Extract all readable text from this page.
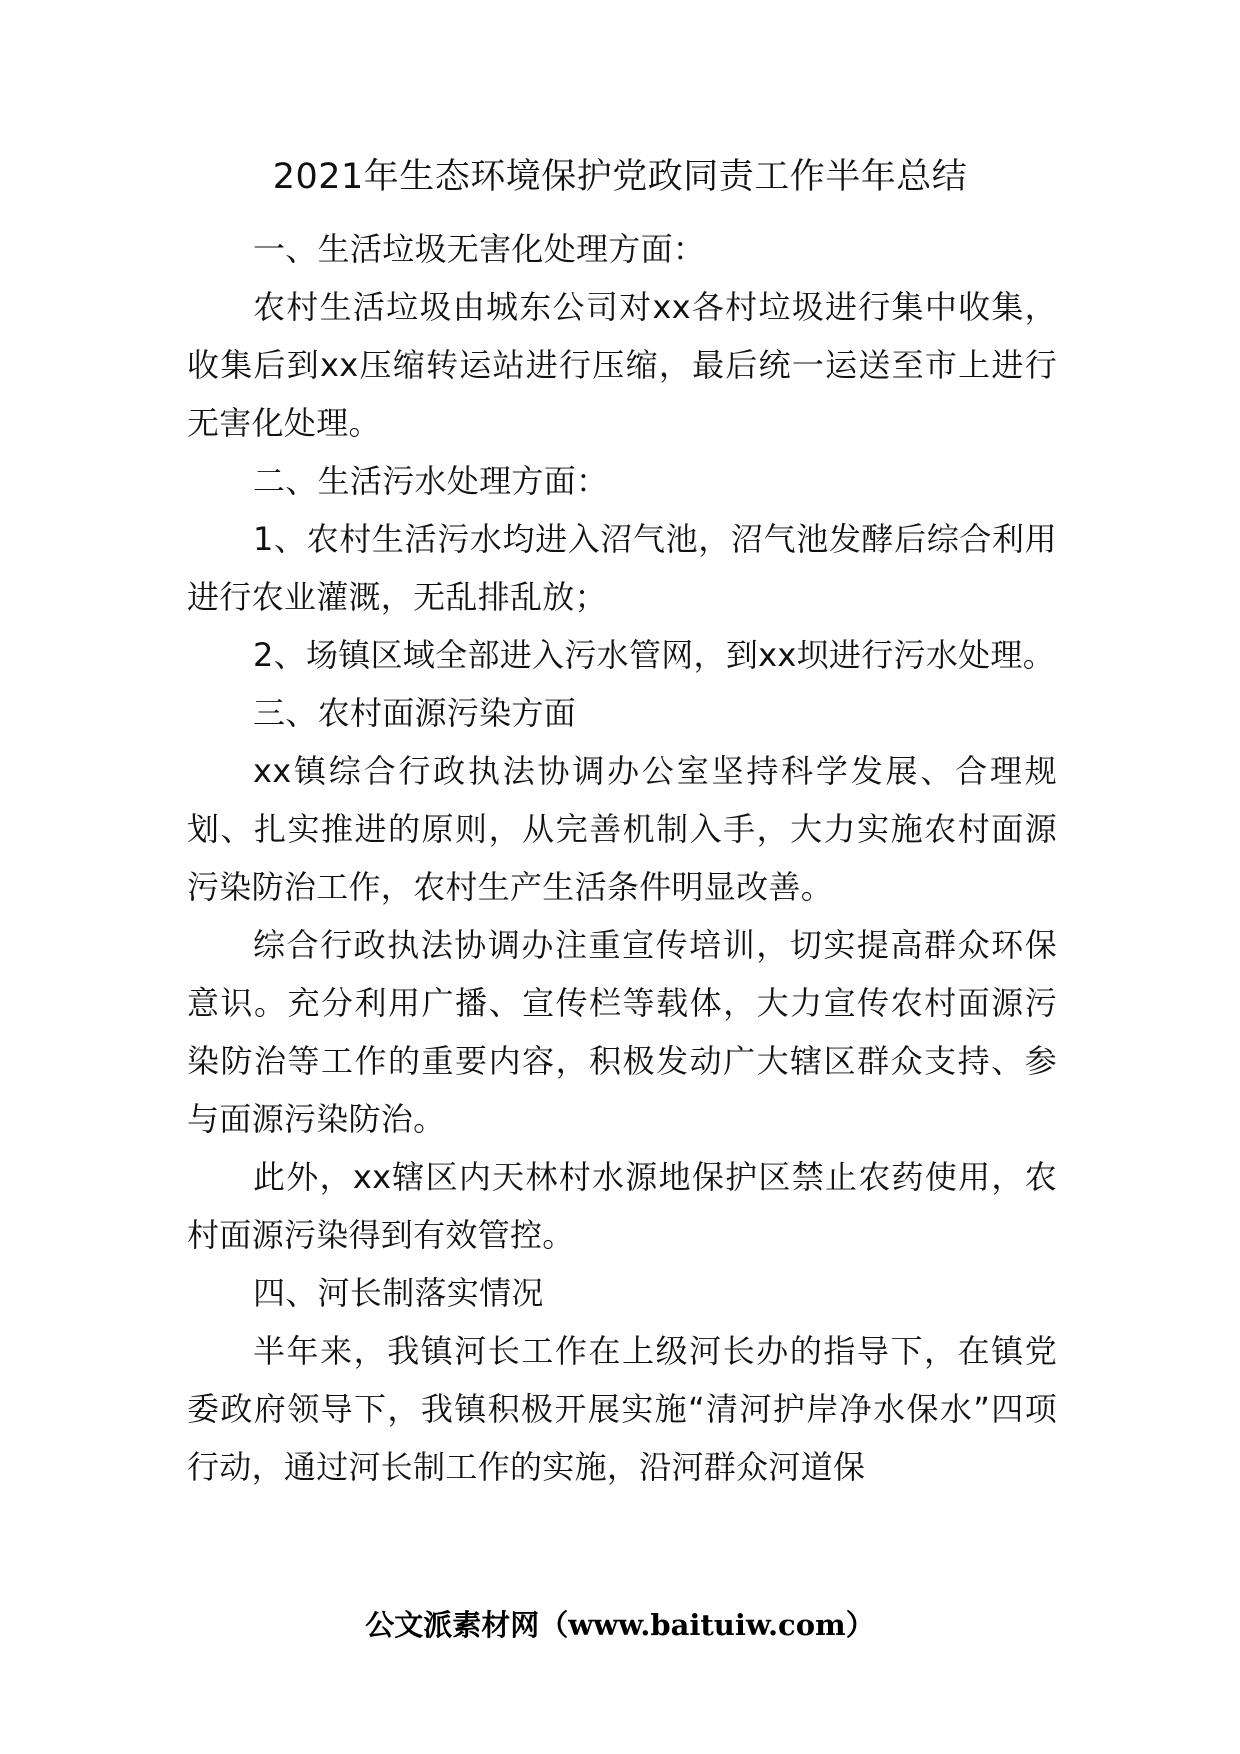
2021年生态环境保护党政同责工作半年总结

一、生活垃圾无害化处理方面：

农村生活垃圾由城东公司对xx各村垃圾进行集中收集，收集后到xx压缩转运站进行压缩，最后统一运送至市上进行无害化处理。

二、生活污水处理方面：

1、农村生活污水均进入沼气池，沼气池发酵后综合利用进行农业灌溉，无乱排乱放；

2、场镇区域全部进入污水管网，到xx坝进行污水处理。

三、农村面源污染方面

xx镇综合行政执法协调办公室坚持科学发展、合理规划、扎实推进的原则，从完善机制入手，大力实施农村面源污染防治工作，农村生产生活条件明显改善。

综合行政执法协调办注重宣传培训，切实提高群众环保意识。充分利用广播、宣传栏等载体，大力宣传农村面源污染防治等工作的重要内容，积极发动广大辖区群众支持、参与面源污染防治。

此外，xx辖区内天林村水源地保护区禁止农药使用，农村面源污染得到有效管控。

四、河长制落实情况

半年来，我镇河长工作在上级河长办的指导下，在镇党委政府领导下，我镇积极开展实施“清河护岸净水保水”四项行动，通过河长制工作的实施，沿河群众河道保

公文派素材网（www.baituiw.com）
